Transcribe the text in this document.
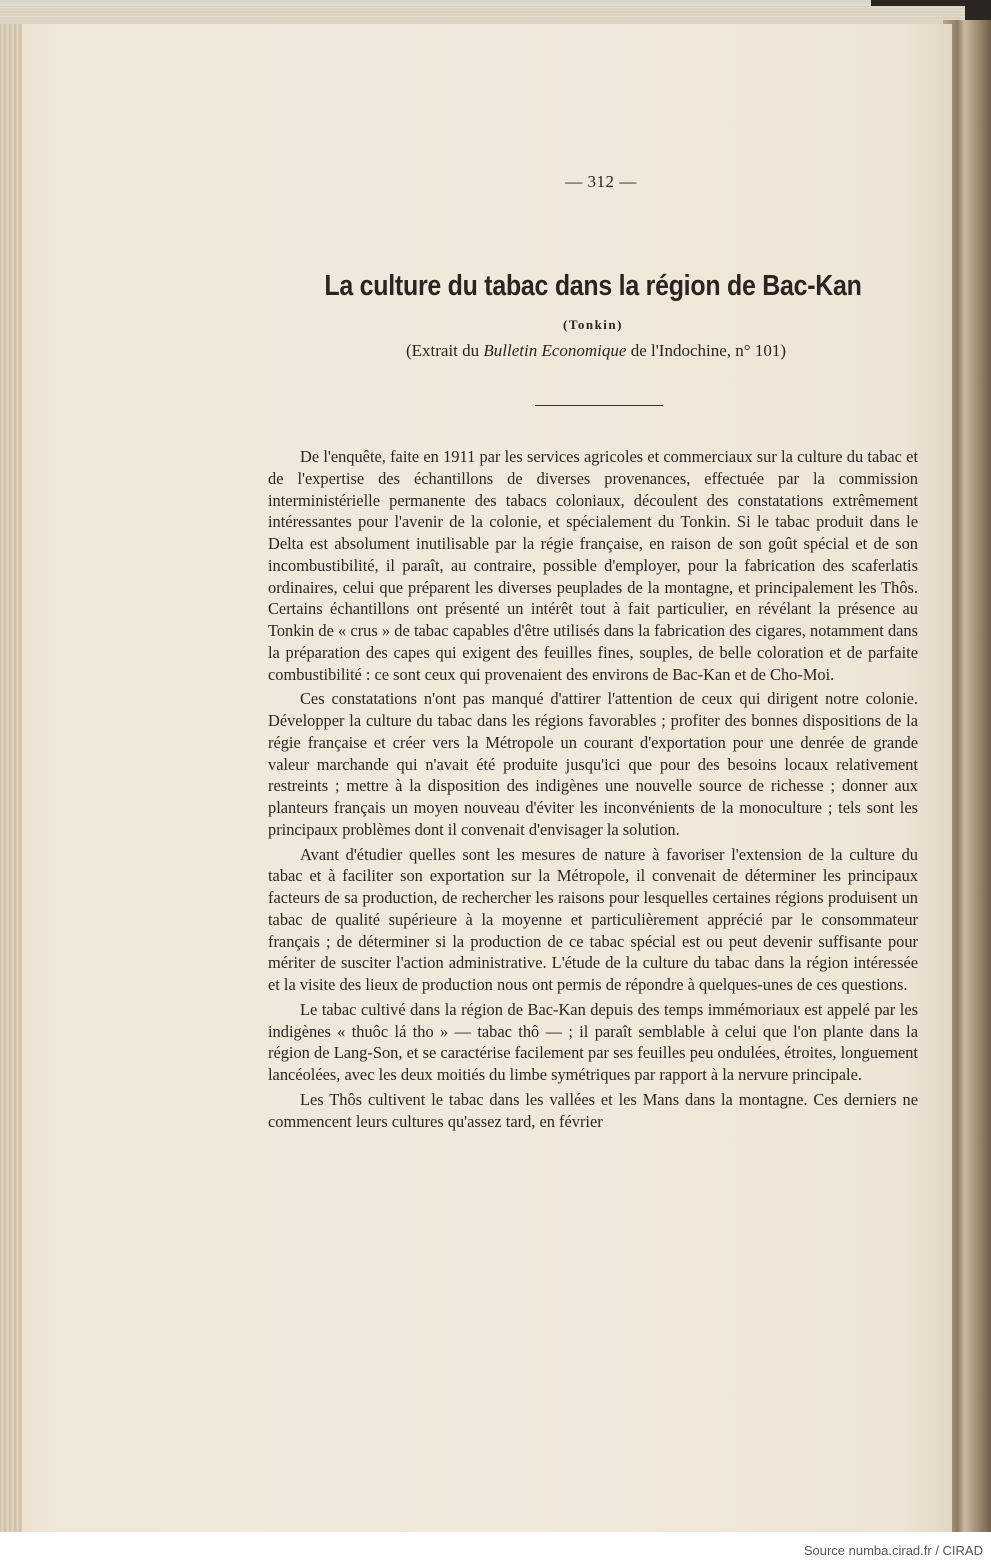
— 312 —
La culture du tabac dans la région de Bac-Kan
(Tonkin)
(Extrait du Bulletin Economique de l'Indochine, n° 101)

De l'enquête, faite en 1911 par les services agricoles et commerciaux sur la culture du tabac et de l'expertise des échantillons de diverses provenances, effectuée par la commission interministérielle permanente des tabacs coloniaux, découlent des constatations extrêmement intéressantes pour l'avenir de la colonie, et spécialement du Tonkin. Si le tabac produit dans le Delta est absolument inutilisable par la régie française, en raison de son goût spécial et de son incombustibilité, il paraît, au contraire, possible d'employer, pour la fabrication des scaferlatis ordinaires, celui que préparent les diverses peuplades de la montagne, et principalement les Thôs. Certains échantillons ont présenté un intérêt tout à fait particulier, en révélant la présence au Tonkin de « crus » de tabac capables d'être utilisés dans la fabrication des cigares, notamment dans la préparation des capes qui exigent des feuilles fines, souples, de belle coloration et de parfaite combustibilité : ce sont ceux qui provenaient des environs de Bac-Kan et de Cho-Moi.

Ces constatations n'ont pas manqué d'attirer l'attention de ceux qui dirigent notre colonie. Développer la culture du tabac dans les régions favorables ; profiter des bonnes dispositions de la régie française et créer vers la Métropole un courant d'exportation pour une denrée de grande valeur marchande qui n'avait été produite jusqu'ici que pour des besoins locaux relativement restreints ; mettre à la disposition des indigènes une nouvelle source de richesse ; donner aux planteurs français un moyen nouveau d'éviter les inconvénients de la monoculture ; tels sont les principaux problèmes dont il convenait d'envisager la solution.

Avant d'étudier quelles sont les mesures de nature à favoriser l'extension de la culture du tabac et à faciliter son exportation sur la Métropole, il convenait de déterminer les principaux facteurs de sa production, de rechercher les raisons pour lesquelles certaines régions produisent un tabac de qualité supérieure à la moyenne et particulièrement apprécié par le consommateur français ; de déterminer si la production de ce tabac spécial est ou peut devenir suffisante pour mériter de susciter l'action administrative. L'étude de la culture du tabac dans la région intéressée et la visite des lieux de production nous ont permis de répondre à quelques-unes de ces questions.

Le tabac cultivé dans la région de Bac-Kan depuis des temps immémoriaux est appelé par les indigènes « thuôc lá tho » — tabac thô — ; il paraît semblable à celui que l'on plante dans la région de Lang-Son, et se caractérise facilement par ses feuilles peu ondulées, étroites, longuement lancéolées, avec les deux moitiés du limbe symétriques par rapport à la nervure principale.

Les Thôs cultivent le tabac dans les vallées et les Mans dans la montagne. Ces derniers ne commencent leurs cultures qu'assez tard, en février

Source numba.cirad.fr / CIRAD
